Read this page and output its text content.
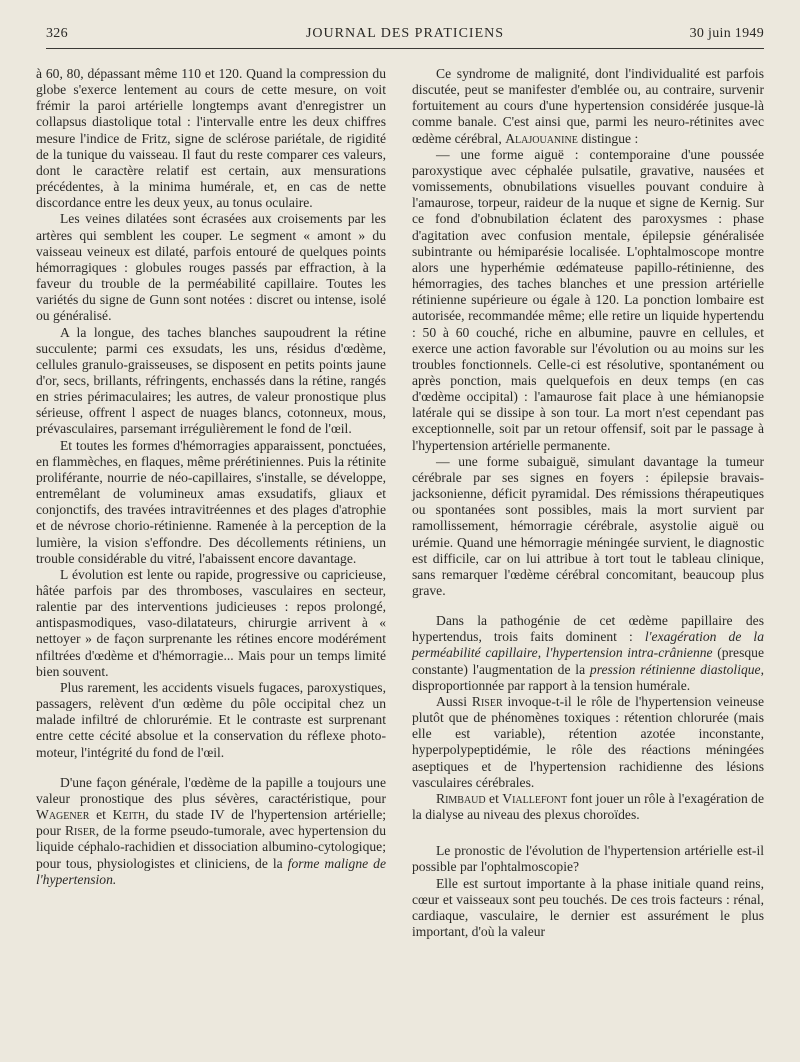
326	JOURNAL DES PRATICIENS	30 juin 1949

à 60, 80, dépassant même 110 et 120. Quand la compression du globe s'exerce lentement au cours de cette mesure, on voit frémir la paroi artérielle longtemps avant d'enregistrer un collapsus diastolique total : l'intervalle entre les deux chiffres mesure l'indice de Fritz, signe de sclérose pariétale, de rigidité de la tunique du vaisseau. Il faut du reste comparer ces valeurs, dont le caractère relatif est certain, aux mensurations précédentes, à la minima humérale, et, en cas de nette discordance entre les deux yeux, au tonus oculaire.

Les veines dilatées sont écrasées aux croisements par les artères qui semblent les couper. Le segment « amont » du vaisseau veineux est dilaté, parfois entouré de quelques points hémorragiques : globules rouges passés par effraction, à la faveur du trouble de la perméabilité capillaire. Toutes les variétés du signe de Gunn sont notées : discret ou intense, isolé ou généralisé.

A la longue, des taches blanches saupoudrent la rétine succulente; parmi ces exsudats, les uns, résidus d'œdème, cellules granulo-graisseuses, se disposent en petits points jaune d'or, secs, brillants, réfringents, enchassés dans la rétine, rangés en stries périmaculaires; les autres, de valeur pronostique plus sérieuse, offrent l aspect de nuages blancs, cotonneux, mous, prévasculaires, parsemant irrégulièrement le fond de l'œil.

Et toutes les formes d'hémorragies apparaissent, ponctuées, en flammèches, en flaques, même prérétiniennes. Puis la rétinite proliférante, nourrie de néo-capillaires, s'installe, se développe, entremêlant de volumineux amas exsudatifs, gliaux et conjonctifs, des travées intravitréennes et des plages d'atrophie et de névrose chorio-rétinienne. Ramenée à la perception de la lumière, la vision s'effondre. Des décollements rétiniens, un trouble considérable du vitré, l'abaissent encore davantage.

L évolution est lente ou rapide, progressive ou capricieuse, hâtée parfois par des thromboses, vasculaires en secteur, ralentie par des interventions judicieuses : repos prolongé, antispasmodiques, vaso-dilatateurs, chirurgie arrivent à « nettoyer » de façon surprenante les rétines encore modérément nfiltrées d'œdème et d'hémorragie... Mais pour un temps limité bien souvent.

Plus rarement, les accidents visuels fugaces, paroxystiques, passagers, relèvent d'un œdème du pôle occipital chez un malade infiltré de chlorurémie. Et le contraste est surprenant entre cette cécité absolue et la conservation du réflexe photo-moteur, l'intégrité du fond de l'œil.

D'une façon générale, l'œdème de la papille a toujours une valeur pronostique des plus sévères, caractéristique, pour Wagener et Keith, du stade IV de l'hypertension artérielle; pour Riser, de la forme pseudo-tumorale, avec hypertension du liquide céphalo-rachidien et dissociation albumino-cytologique; pour tous, physiologistes et cliniciens, de la forme maligne de l'hypertension.

Ce syndrome de malignité, dont l'individualité est parfois discutée, peut se manifester d'emblée ou, au contraire, survenir fortuitement au cours d'une hypertension considérée jusque-là comme banale. C'est ainsi que, parmi les neuro-rétinites avec œdème cérébral, Alajouanine distingue :

— une forme aiguë : contemporaine d'une poussée paroxystique avec céphalée pulsatile, gravative, nausées et vomissements, obnubilations visuelles pouvant conduire à l'amaurose, torpeur, raideur de la nuque et signe de Kernig. Sur ce fond d'obnubilation éclatent des paroxysmes : phase d'agitation avec confusion mentale, épilepsie généralisée subintrante ou hémiparésie localisée. L'ophtalmoscope montre alors une hyperhémie œdémateuse papillo-rétinienne, des hémorragies, des taches blanches et une pression artérielle rétinienne supérieure ou égale à 120. La ponction lombaire est autorisée, recommandée même; elle retire un liquide hypertendu : 50 à 60 couché, riche en albumine, pauvre en cellules, et exerce une action favorable sur l'évolution ou au moins sur les troubles fonctionnels. Celle-ci est résolutive, spontanément ou après ponction, mais quelquefois en deux temps (en cas d'œdème occipital) : l'amaurose fait place à une hémianopsie latérale qui se dissipe à son tour. La mort n'est cependant pas exceptionnelle, soit par un retour offensif, soit par le passage à l'hypertension artérielle permanente.

— une forme subaiguë, simulant davantage la tumeur cérébrale par ses signes en foyers : épilepsie bravais-jacksonienne, déficit pyramidal. Des rémissions thérapeutiques ou spontanées sont possibles, mais la mort survient par ramollissement, hémorragie cérébrale, asystolie aiguë ou urémie. Quand une hémorragie méningée survient, le diagnostic est difficile, car on lui attribue à tort tout le tableau clinique, sans remarquer l'œdème cérébral concomitant, beaucoup plus grave.

Dans la pathogénie de cet œdème papillaire des hypertendus, trois faits dominent : l'exagération de la perméabilité capillaire, l'hypertension intra-crânienne (presque constante) l'augmentation de la pression rétinienne diastolique, disproportionnée par rapport à la tension humérale.

Aussi Riser invoque-t-il le rôle de l'hypertension veineuse plutôt que de phénomènes toxiques : rétention chlorurée (mais elle est variable), rétention azotée inconstante, hyperpolypeptidémie, le rôle des réactions méningées aseptiques et de l'hypertension rachidienne des lésions vasculaires cérébrales.

Rimbaud et Viallefont font jouer un rôle à l'exagération de la dialyse au niveau des plexus choroïdes.

Le pronostic de l'évolution de l'hypertension artérielle est-il possible par l'ophtalmoscopie?

Elle est surtout importante à la phase initiale quand reins, cœur et vaisseaux sont peu touchés. De ces trois facteurs : rénal, cardiaque, vasculaire, le dernier est assurément le plus important, d'où la valeur
